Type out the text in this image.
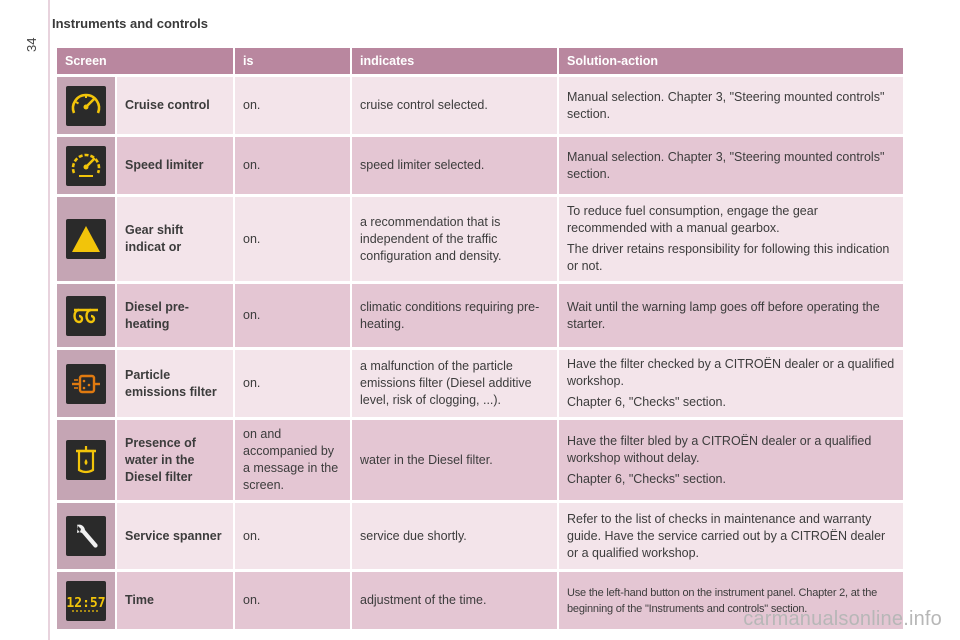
34
Instruments and controls
Screen		is	indicates	Solution-action

	Cruise control	on.	cruise control selected.	Manual selection. Chapter 3, "Steering mounted controls" section.

	Speed limiter	on.	speed limiter selected.	Manual selection. Chapter 3, "Steering mounted controls" section.

	Gear shift indicat or	on.	a recommendation that is independent of the traffic configuration and density.	To reduce fuel consumption, engage the gear recommended with a manual gearbox.

The driver retains responsibility for following this indication or not.

	Diesel pre-heating	on.	climatic conditions requiring pre-heating.	Wait until the warning lamp goes off before operating the starter.

	Particle emissions filter	on.	a malfunction of the particle emissions filter (Diesel additive level, risk of clogging, ...).	Have the filter checked by a CITROËN dealer or a qualified workshop.

Chapter 6, "Checks" section.

	Presence of water in the Diesel filter	on and accompanied by a message in the screen.	water in the Diesel filter.	Have the filter bled by a CITROËN dealer or a qualified workshop without delay.

Chapter 6, "Checks" section.

	Service spanner	on.	service due shortly.	Refer to the list of checks in maintenance and warranty guide. Have the service carried out by a CITROËN dealer or a qualified workshop.

12:57	Time	on.	adjustment of the time.	Use the left-hand button on the instrument panel. Chapter 2, at the beginning of the "Instruments and controls" section.

carmanualsonline.info
